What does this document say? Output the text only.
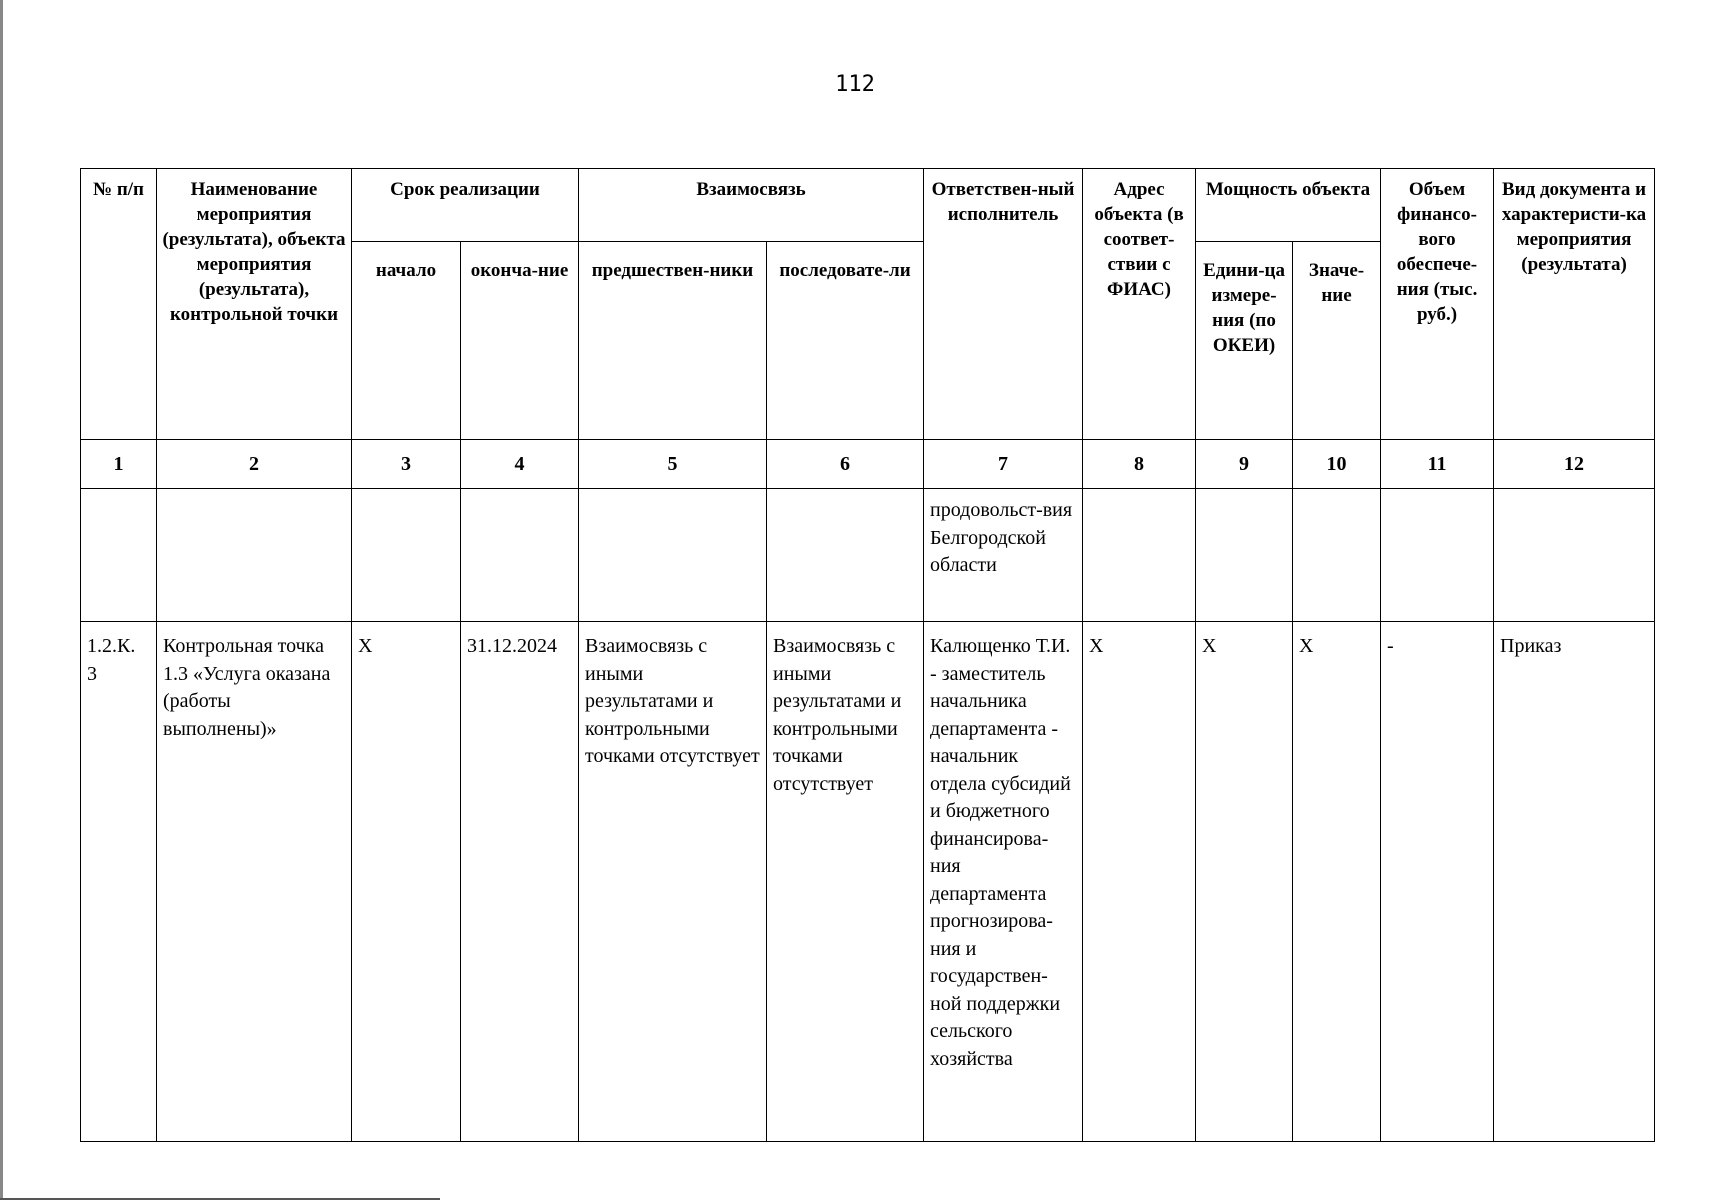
112
№ п/п	Наименование мероприятия (результата), объекта мероприятия (результата), контрольной точки	Срок реализации		Взаимосвязь		Ответствен-ный исполнитель	Адрес объекта (в соответ-ствии с ФИАС)	Мощность объекта		Объем финансо-вого обеспече-ния (тыс. руб.)	Вид документа и характеристи-ка мероприятия (результата)

		начало	оконча-ние	предшествен-ники	последовате-ли			Едини-ца измере-ния (по ОКЕИ)	Значе-ние		

1	2	3	4	5	6	7	8	9	10	11	12

						продовольст-вия Белгородской области					

1.2.К. 3	Контрольная точка 1.3 «Услуга оказана (работы выполнены)»	X	31.12.2024	Взаимосвязь с иными результатами и контрольными точками отсутствует	Взаимосвязь с иными результатами и контрольными точками отсутствует	Калющенко Т.И. - заместитель начальника департамента - начальник отдела субсидий и бюджетного финансирова-ния департамента прогнозирова-ния и государствен-ной поддержки сельского хозяйства	X	X	X	-	Приказ
